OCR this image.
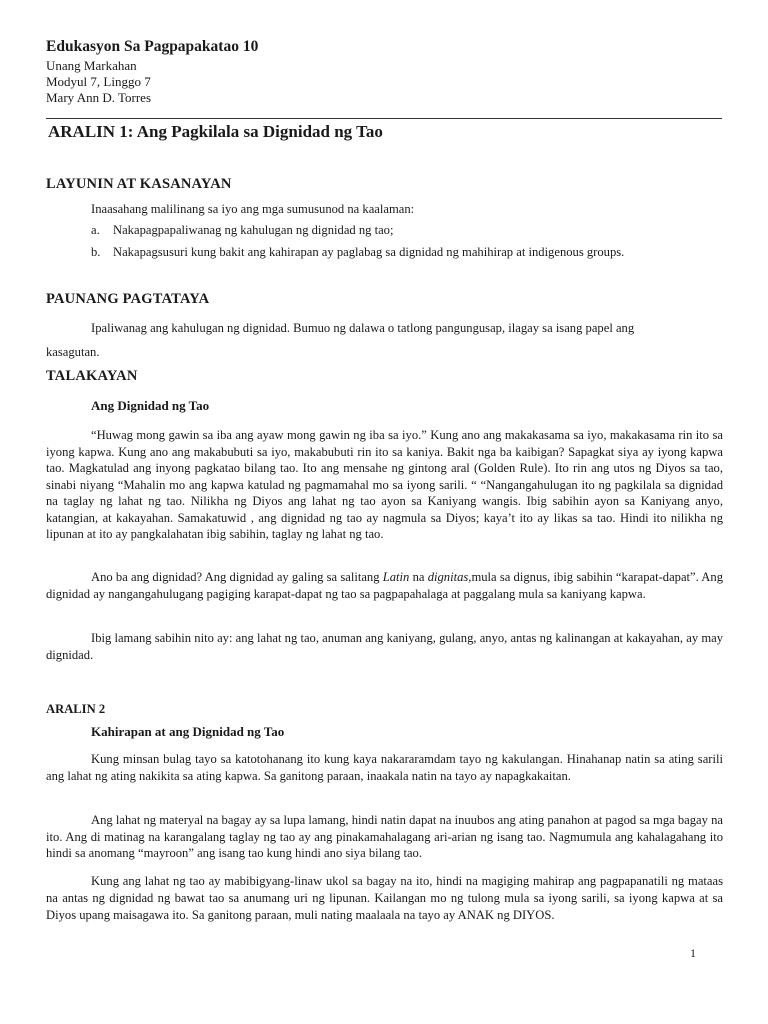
Edukasyon Sa Pagpapakatao 10
Unang Markahan
Modyul 7, Linggo 7
Mary Ann D. Torres
ARALIN 1: Ang Pagkilala sa Dignidad ng Tao
LAYUNIN AT KASANAYAN
Inaasahang malilinang sa iyo ang mga sumusunod na kaalaman:
a. Nakapagpapaliwanag ng kahulugan ng dignidad ng tao;
b. Nakapagsusuri kung bakit ang kahirapan ay paglabag sa dignidad ng mahihirap at indigenous groups.
PAUNANG PAGTATAYA
Ipaliwanag ang kahulugan ng dignidad. Bumuo ng dalawa o tatlong pangungusap, ilagay sa isang papel ang
kasagutan.
TALAKAYAN
Ang Dignidad ng Tao
“Huwag mong gawin sa iba ang ayaw mong gawin ng iba sa iyo.” Kung ano ang makakasama sa iyo, makakasama rin ito sa iyong kapwa. Kung ano ang makabubuti sa iyo, makabubuti rin ito sa kaniya. Bakit nga ba kaibigan? Sapagkat siya ay iyong kapwa tao. Magkatulad ang inyong pagkatao bilang tao. Ito ang mensahe ng gintong aral (Golden Rule). Ito rin ang utos ng Diyos sa tao, sinabi niyang “Mahalin mo ang kapwa katulad ng pagmamahal mo sa iyong sarili. “ “Nangangahulugan ito ng pagkilala sa dignidad na taglay ng lahat ng tao. Nilikha ng Diyos ang lahat ng tao ayon sa Kaniyang wangis. Ibig sabihin ayon sa Kaniyang anyo, katangian, at kakayahan. Samakatuwid , ang dignidad ng tao ay nagmula sa Diyos; kaya’t ito ay likas sa tao. Hindi ito nilikha ng lipunan at ito ay pangkalahatan ibig sabihin, taglay ng lahat ng tao.
Ano ba ang dignidad? Ang dignidad ay galing sa salitang Latin na dignitas,mula sa dignus, ibig sabihin “karapat-dapat”. Ang dignidad ay nangangahulugang pagiging karapat-dapat ng tao sa pagpapahalaga at paggalang mula sa kaniyang kapwa.
Ibig lamang sabihin nito ay: ang lahat ng tao, anuman ang kaniyang, gulang, anyo, antas ng kalinangan at kakayahan, ay may dignidad.
ARALIN 2
Kahirapan at ang Dignidad ng Tao
Kung minsan bulag tayo sa katotohanang ito kung kaya nakararamdam tayo ng kakulangan. Hinahanap natin sa ating sarili ang lahat ng ating nakikita sa ating kapwa. Sa ganitong paraan, inaakala natin na tayo ay napagkakaitan.
Ang lahat ng materyal na bagay ay sa lupa lamang, hindi natin dapat na inuubos ang ating panahon at pagod sa mga bagay na ito. Ang di matinag na karangalang taglay ng tao ay ang pinakamahalagang ari-arian ng isang tao. Nagmumula ang kahalagahang ito hindi sa anomang “mayroon” ang isang tao kung hindi ano siya bilang tao.
Kung ang lahat ng tao ay mabibigyang-linaw ukol sa bagay na ito, hindi na magiging mahirap ang pagpapanatili ng mataas na antas ng dignidad ng bawat tao sa anumang uri ng lipunan. Kailangan mo ng tulong mula sa iyong sarili, sa iyong kapwa at sa Diyos upang maisagawa ito. Sa ganitong paraan, muli nating maalaala na tayo ay ANAK ng DIYOS.
1
